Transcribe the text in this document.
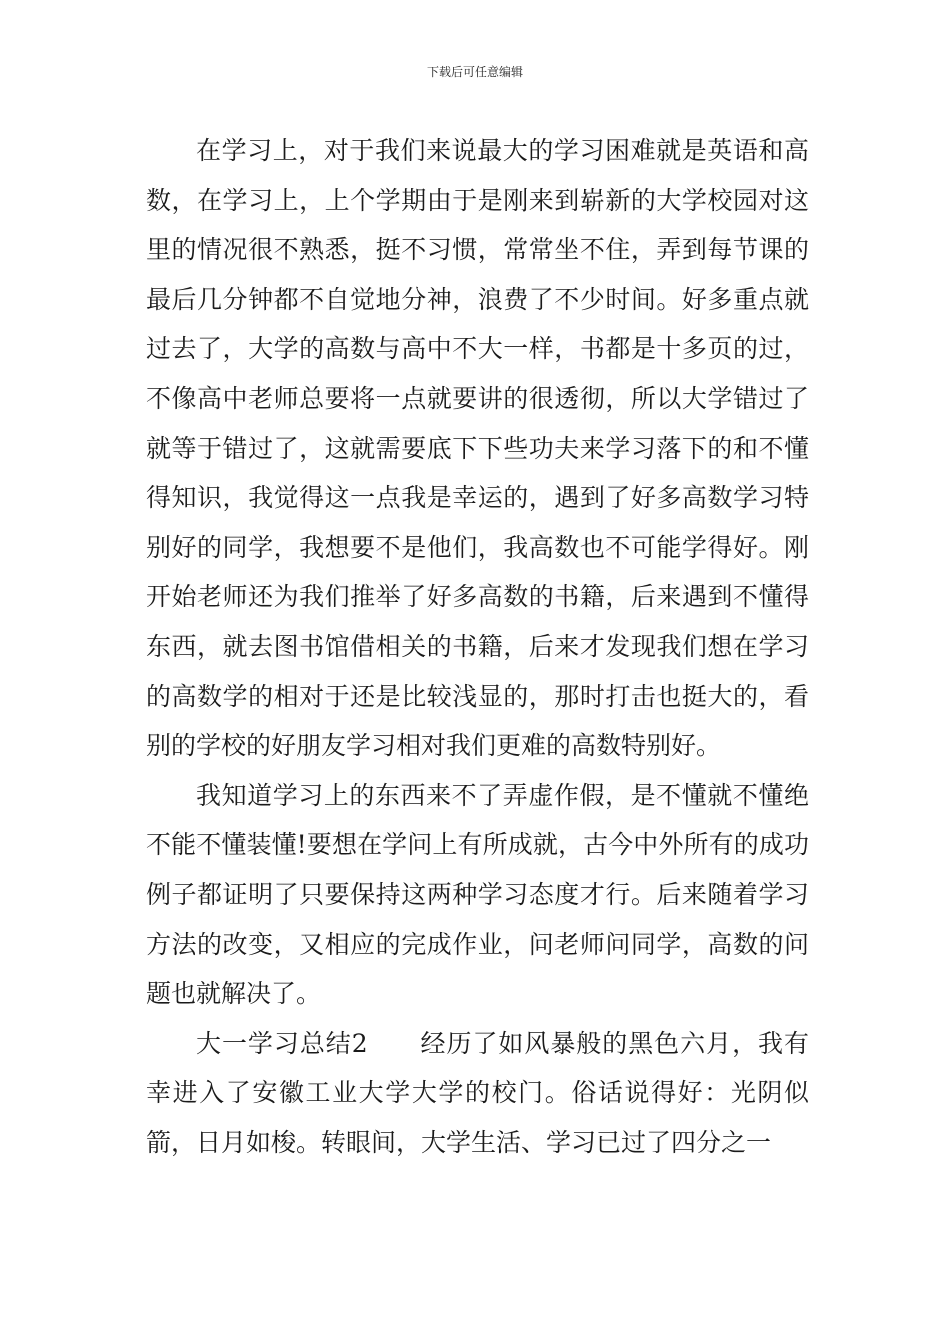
下载后可任意编辑

在学习上，对于我们来说最大的学习困难就是英语和高数，在学习上，上个学期由于是刚来到崭新的大学校园对这里的情况很不熟悉，挺不习惯，常常坐不住，弄到每节课的最后几分钟都不自觉地分神，浪费了不少时间。好多重点就过去了，大学的高数与高中不大一样，书都是十多页的过，不像高中老师总要将一点就要讲的很透彻，所以大学错过了就等于错过了，这就需要底下下些功夫来学习落下的和不懂得知识，我觉得这一点我是幸运的，遇到了好多高数学习特别好的同学，我想要不是他们，我高数也不可能学得好。刚开始老师还为我们推举了好多高数的书籍，后来遇到不懂得东西，就去图书馆借相关的书籍，后来才发现我们想在学习的高数学的相对于还是比较浅显的，那时打击也挺大的，看别的学校的好朋友学习相对我们更难的高数特别好。

我知道学习上的东西来不了弄虚作假，是不懂就不懂绝不能不懂装懂!要想在学问上有所成就，古今中外所有的成功例子都证明了只要保持这两种学习态度才行。后来随着学习方法的改变，又相应的完成作业，问老师问同学，高数的问题也就解决了。

大一学习总结2　　经历了如风暴般的黑色六月，我有幸进入了安徽工业大学大学的校门。俗话说得好：光阴似箭，日月如梭。转眼间，大学生活、学习已过了四分之一
